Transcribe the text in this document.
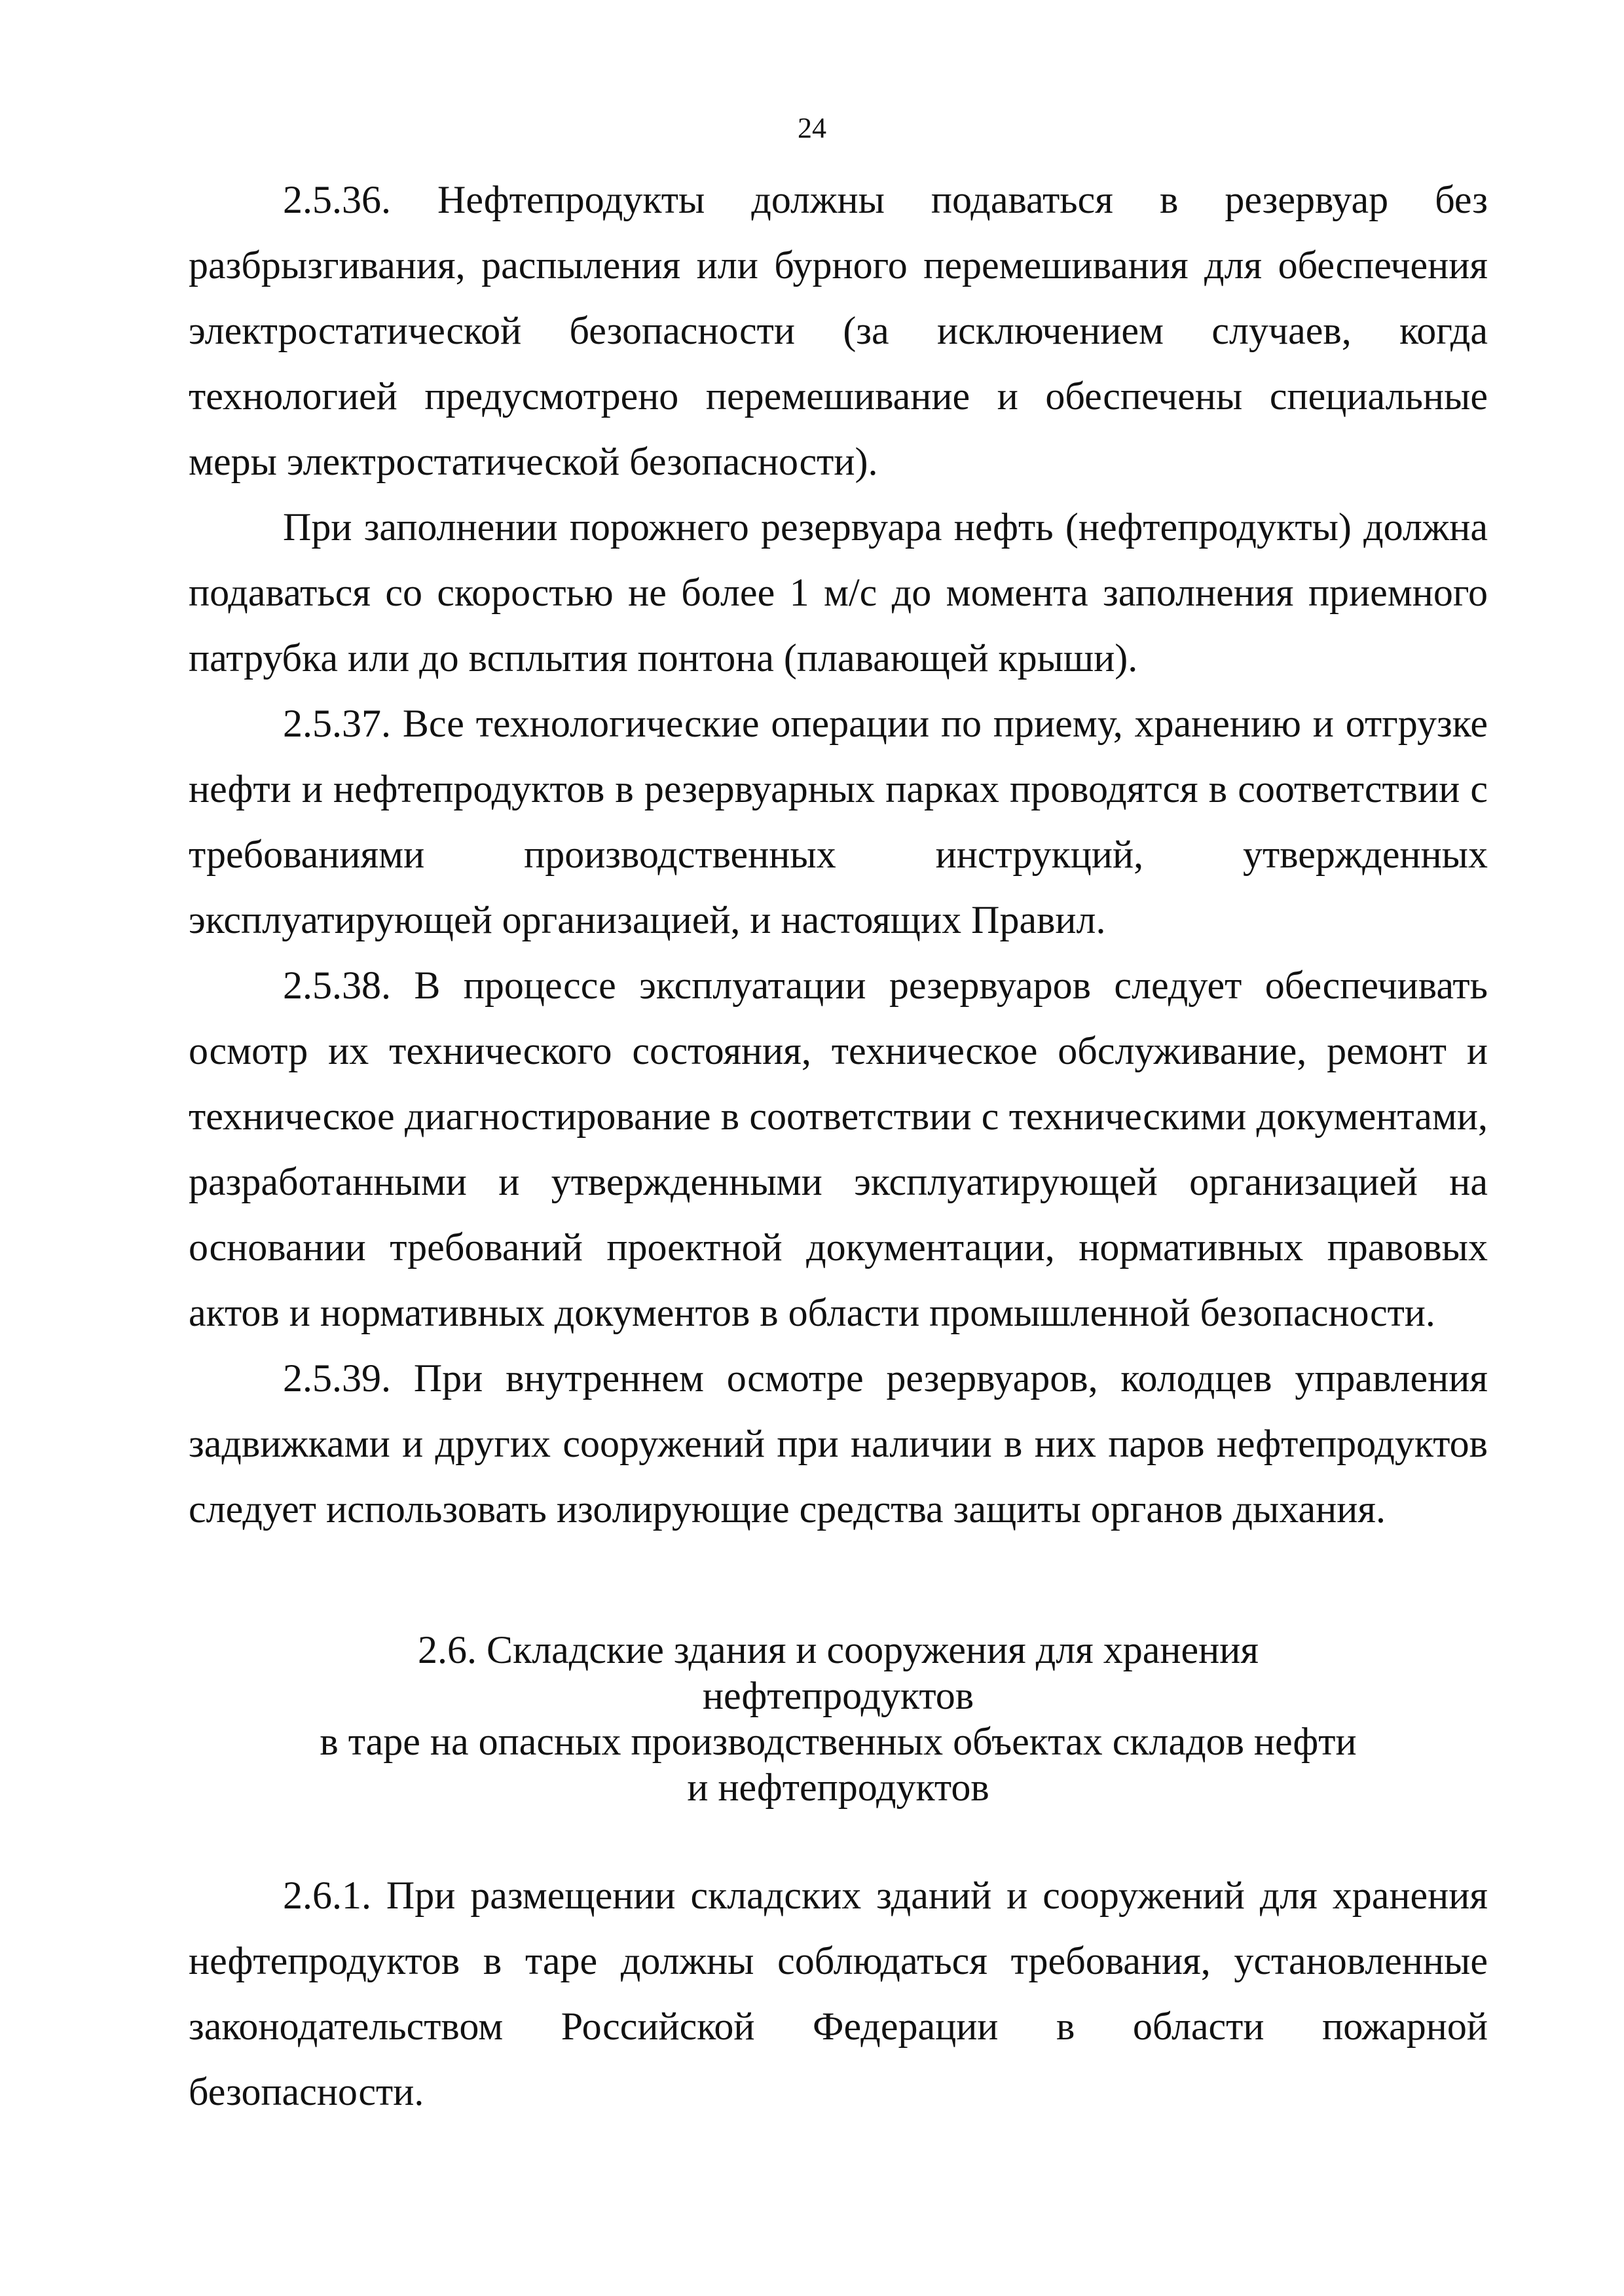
24

2.5.36. Нефтепродукты должны подаваться в резервуар без разбрызгивания, распыления или бурного перемешивания для обеспечения электростатической безопасности (за исключением случаев, когда технологией предусмотрено перемешивание и обеспечены специальные меры электростатической безопасности).

При заполнении порожнего резервуара нефть (нефтепродукты) должна подаваться со скоростью не более 1 м/с до момента заполнения приемного патрубка или до всплытия понтона (плавающей крыши).

2.5.37. Все технологические операции по приему, хранению и отгрузке нефти и нефтепродуктов в резервуарных парках проводятся в соответствии с требованиями производственных инструкций, утвержденных эксплуатирующей организацией, и настоящих Правил.

2.5.38. В процессе эксплуатации резервуаров следует обеспечивать осмотр их технического состояния, техническое обслуживание, ремонт и техническое диагностирование в соответствии с техническими документами, разработанными и утвержденными эксплуатирующей организацией на основании требований проектной документации, нормативных правовых актов и нормативных документов в области промышленной безопасности.

2.5.39. При внутреннем осмотре резервуаров, колодцев управления задвижками и других сооружений при наличии в них паров нефтепродуктов следует использовать изолирующие средства защиты органов дыхания.

2.6. Складские здания и сооружения для хранения нефтепродуктов
в таре на опасных производственных объектах складов нефти
и нефтепродуктов

2.6.1. При размещении складских зданий и сооружений для хранения нефтепродуктов в таре должны соблюдаться требования, установленные законодательством Российской Федерации в области пожарной безопасности.
